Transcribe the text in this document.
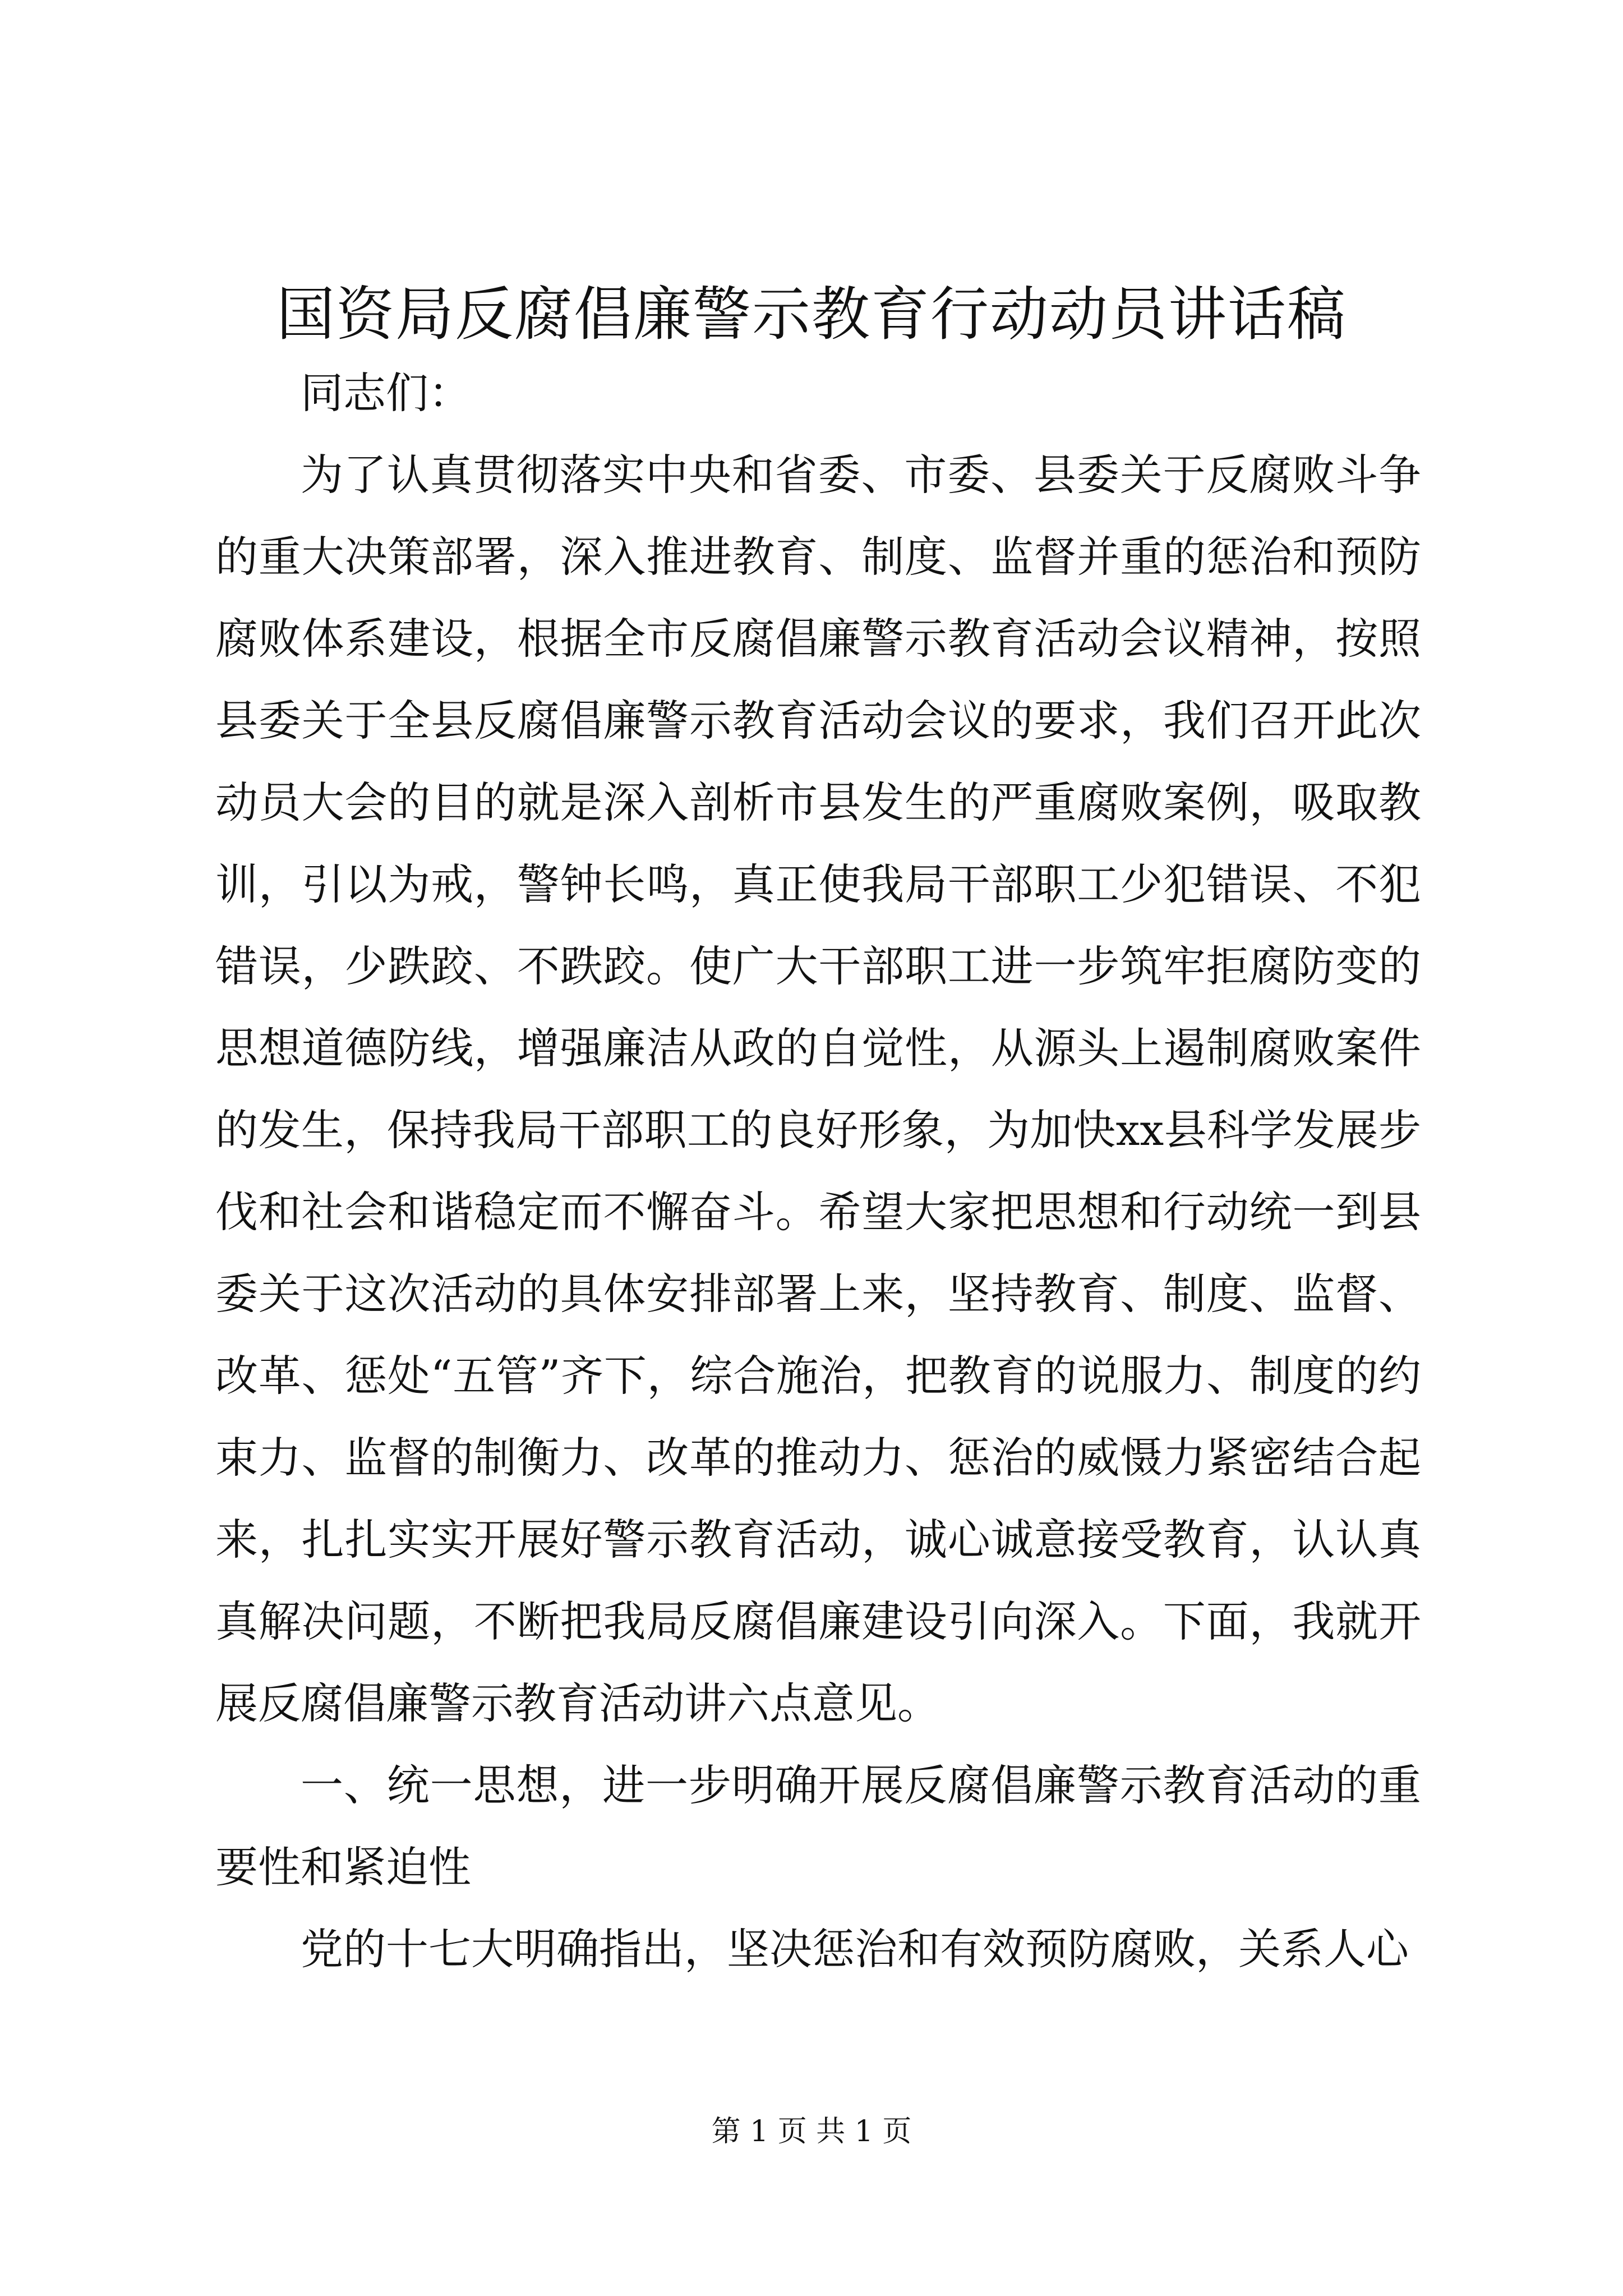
国资局反腐倡廉警示教育行动动员讲话稿

同志们：

为了认真贯彻落实中央和省委、市委、县委关于反腐败斗争的重大决策部署，深入推进教育、制度、监督并重的惩治和预防腐败体系建设，根据全市反腐倡廉警示教育活动会议精神，按照县委关于全县反腐倡廉警示教育活动会议的要求，我们召开此次动员大会的目的就是深入剖析市县发生的严重腐败案例，吸取教训，引以为戒，警钟长鸣，真正使我局干部职工少犯错误、不犯错误，少跌跤、不跌跤。使广大干部职工进一步筑牢拒腐防变的思想道德防线，增强廉洁从政的自觉性，从源头上遏制腐败案件的发生，保持我局干部职工的良好形象，为加快xx县科学发展步伐和社会和谐稳定而不懈奋斗。希望大家把思想和行动统一到县委关于这次活动的具体安排部署上来，坚持教育、制度、监督、改革、惩处“五管”齐下，综合施治，把教育的说服力、制度的约束力、监督的制衡力、改革的推动力、惩治的威慑力紧密结合起来，扎扎实实开展好警示教育活动，诚心诚意接受教育，认认真真解决问题，不断把我局反腐倡廉建设引向深入。下面，我就开展反腐倡廉警示教育活动讲六点意见。

一、统一思想，进一步明确开展反腐倡廉警示教育活动的重要性和紧迫性

党的十七大明确指出，坚决惩治和有效预防腐败，关系人心

第 1 页 共 1 页
